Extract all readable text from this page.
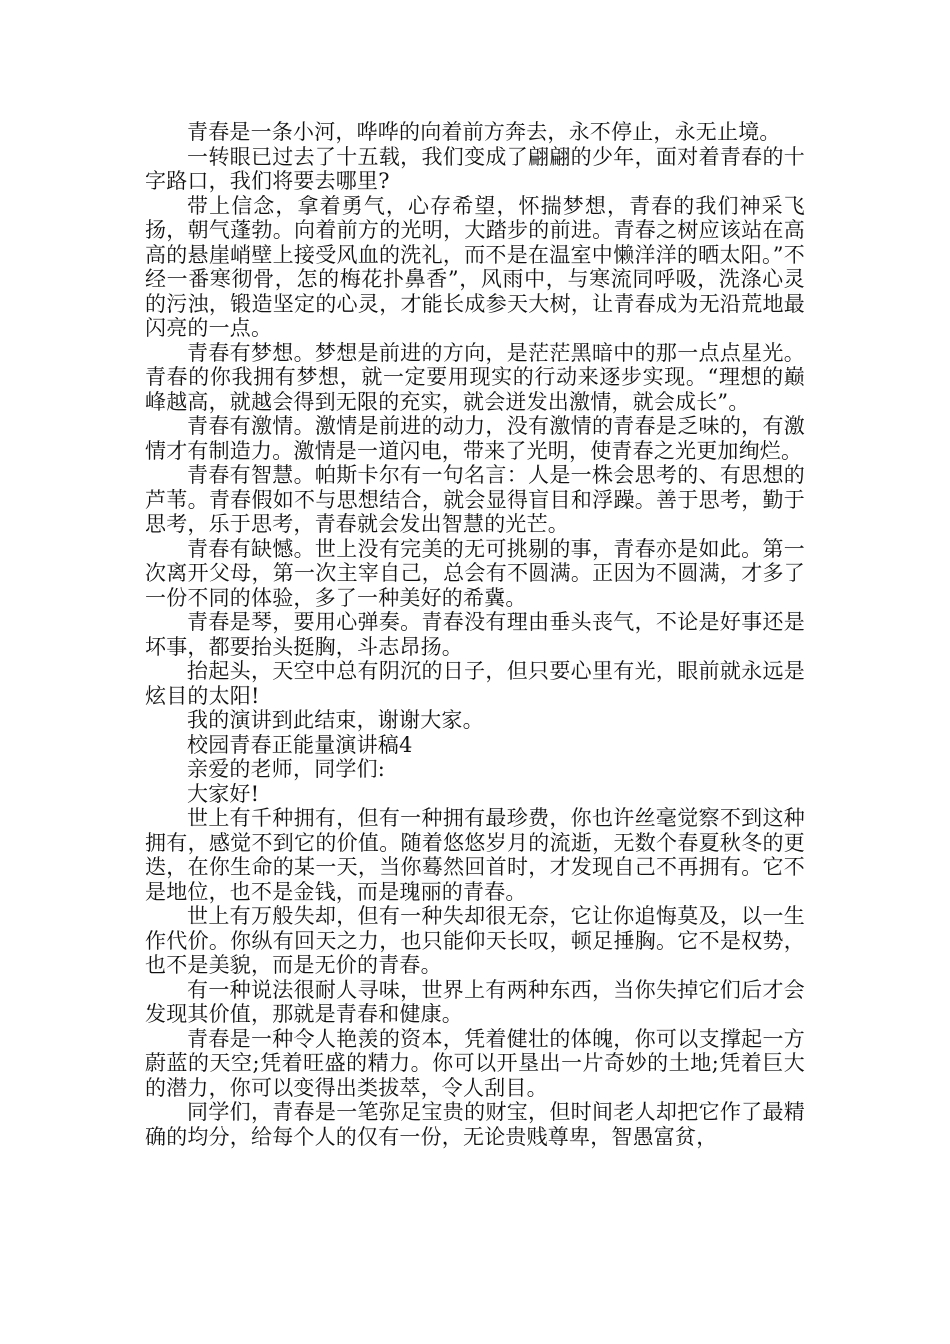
青春是一条小河，哗哗的向着前方奔去，永不停止，永无止境。

一转眼已过去了十五载，我们变成了翩翩的少年，面对着青春的十字路口，我们将要去哪里?

带上信念，拿着勇气，心存希望，怀揣梦想，青春的我们神采飞扬，朝气蓬勃。向着前方的光明，大踏步的前进。青春之树应该站在高高的悬崖峭壁上接受风血的洗礼，而不是在温室中懒洋洋的晒太阳。”不经一番寒彻骨，怎的梅花扑鼻香”，风雨中，与寒流同呼吸，洗涤心灵的污浊，锻造坚定的心灵，才能长成参天大树，让青春成为无沿荒地最闪亮的一点。

青春有梦想。梦想是前进的方向，是茫茫黑暗中的那一点点星光。青春的你我拥有梦想，就一定要用现实的行动来逐步实现。“理想的巅峰越高，就越会得到无限的充实，就会迸发出激情，就会成长”。

青春有激情。激情是前进的动力，没有激情的青春是乏味的，有激情才有制造力。激情是一道闪电，带来了光明，使青春之光更加绚烂。

青春有智慧。帕斯卡尔有一句名言：人是一株会思考的、有思想的芦苇。青春假如不与思想结合，就会显得盲目和浮躁。善于思考，勤于思考，乐于思考，青春就会发出智慧的光芒。

青春有缺憾。世上没有完美的无可挑剔的事，青春亦是如此。第一次离开父母，第一次主宰自己，总会有不圆满。正因为不圆满，才多了一份不同的体验，多了一种美好的希冀。

青春是琴，要用心弹奏。青春没有理由垂头丧气，不论是好事还是坏事，都要抬头挺胸，斗志昂扬。

抬起头，天空中总有阴沉的日子，但只要心里有光，眼前就永远是炫目的太阳!

我的演讲到此结束，谢谢大家。

校园青春正能量演讲稿4

亲爱的老师，同学们:

大家好!

世上有千种拥有，但有一种拥有最珍费，你也许丝毫觉察不到这种拥有，感觉不到它的价值。随着悠悠岁月的流逝，无数个春夏秋冬的更迭，在你生命的某一天，当你蓦然回首时，才发现自己不再拥有。它不是地位，也不是金钱，而是瑰丽的青春。

世上有万般失却，但有一种失却很无奈，它让你追悔莫及，以一生作代价。你纵有回天之力，也只能仰天长叹，顿足捶胸。它不是权势，也不是美貌，而是无价的青春。

有一种说法很耐人寻味，世界上有两种东西，当你失掉它们后才会发现其价值，那就是青春和健康。

青春是一种令人艳羡的资本，凭着健壮的体魄，你可以支撑起一方蔚蓝的天空;凭着旺盛的精力。你可以开垦出一片奇妙的土地;凭着巨大的潜力，你可以变得出类拔萃，令人刮目。

同学们，青春是一笔弥足宝贵的财宝，但时间老人却把它作了最精确的均分，给每个人的仅有一份，无论贵贱尊卑，智愚富贫，
